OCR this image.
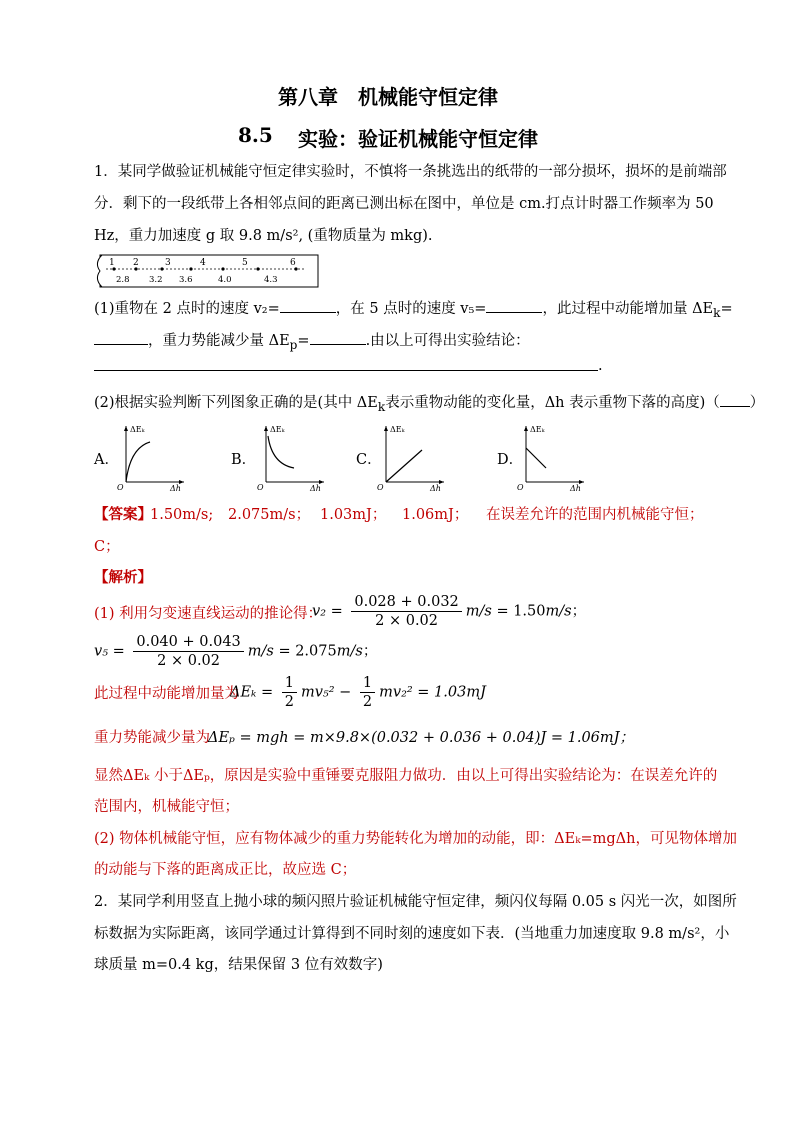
第八章　机械能守恒定律
8.5 实验：验证机械能守恒定律
1．某同学做验证机械能守恒定律实验时，不慎将一条挑选出的纸带的一部分损坏，损坏的是前端部
分．剩下的一段纸带上各相邻点间的距离已测出标在图中，单位是 cm.打点计时器工作频率为 50
Hz，重力加速度 g 取 9.8 m/s², (重物质量为 mkg).
1 2	3	4	5	6
2.8 3.2 3.6	4.0	4.3
(1)重物在 2 点时的速度 v₂=	，在 5 点时的速度 v₅=	，此过程中动能增加量 $\Delta E_k=$
，重力势能减少量 $\Delta E_p=$	.由以上可得出实验结论：
.
(2)根据实验判断下列图象正确的是(其中 $\Delta E_k$表示重物动能的变化量，Δh 表示重物下落的高度)（ ）
A．
ΔEₖ
Δh
O
B．
ΔEₖ
Δh
O
C．
ΔEₖ
Δh
O
D．
ΔEₖ
Δh
O
【答案】
1.50m/s; 2.075m/s； 1.03mJ； 1.06mJ； 在误差允许的范围内机械能守恒；
C；
【解析】
(1) 利用匀变速直线运动的推论得：
$v_2 = \frac{0.028 + 0.032}{2 \times 0.02} m/s = 1.50m/s$；
$v_5 = \frac{0.040 + 0.043}{2 \times 0.02} m/s = 2.075m/s$；
此过程中动能增加量为
$\Delta E_k = \frac{1}{2} mv_5^2 - \frac{1}{2} mv_2^2 = 1.03mJ$
重力势能减少量为
ΔEₚ = mgh = m×9.8×(0.032 + 0.036 + 0.04)J = 1.06mJ；
显然ΔEₖ 小于ΔEₚ，原因是实验中重锤要克服阻力做功．由以上可得出实验结论为：在误差允许的
范围内，机械能守恒；
(2) 物体机械能守恒，应有物体减少的重力势能转化为增加的动能，即：ΔEₖ=mgΔh，可见物体增加
的动能与下落的距离成正比，故应选 C；
2．某同学利用竖直上抛小球的频闪照片验证机械能守恒定律，频闪仪每隔 0.05 s 闪光一次，如图所
标数据为实际距离，该同学通过计算得到不同时刻的速度如下表．(当地重力加速度取 9.8 m/s²，小
球质量 m=0.4 kg，结果保留 3 位有效数字)
